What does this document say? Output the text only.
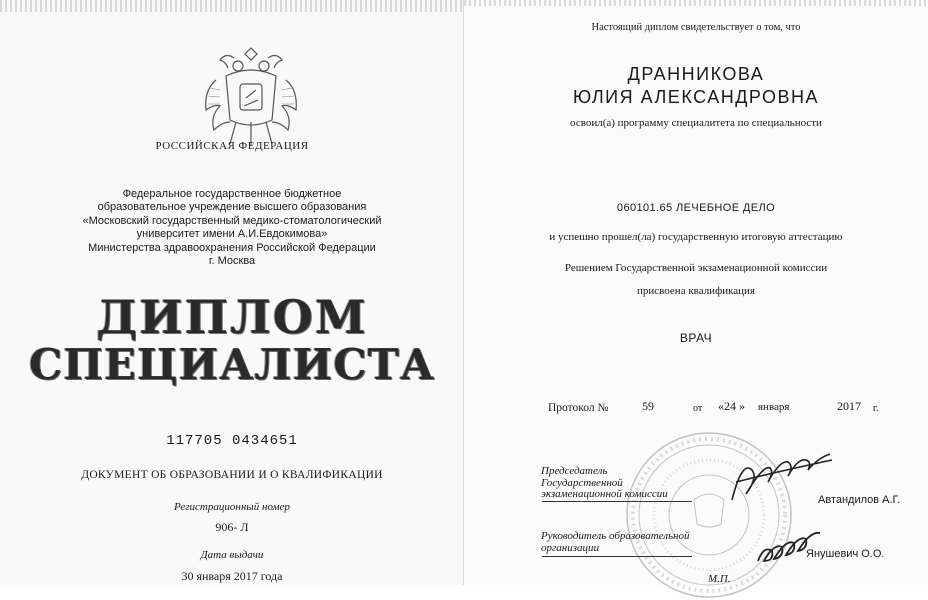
РОССИЙСКАЯ ФЕДЕРАЦИЯ
Федеральное государственное бюджетное
образовательное учреждение высшего образования
«Московский государственный медико-стоматологический
университет имени А.И.Евдокимова»
Министерства здравоохранения Российской Федерации
г. Москва
ДИПЛОМ
СПЕЦИАЛИСТА
117705 0434651
ДОКУМЕНТ ОБ ОБРАЗОВАНИИ И О КВАЛИФИКАЦИИ
Регистрационный номер
906- Л
Дата выдачи
30 января 2017 года
Настоящий диплом свидетельствует о том, что
ДРАННИКОВА
ЮЛИЯ АЛЕКСАНДРОВНА
освоил(а) программу специалитета по специальности
060101.65 ЛЕЧЕБНОЕ ДЕЛО
и успешно прошел(ла) государственную итоговую аттестацию
Решением Государственной экзаменационной комиссии
присвоена квалификация
ВРАЧ
Протокол №	59	от «24 » января	2017 г.
Председатель
Государственной
экзаменационной комиссии	Автандилов А.Г.
Руководитель образовательной
организации
Янушевич О.О.
М.П.
